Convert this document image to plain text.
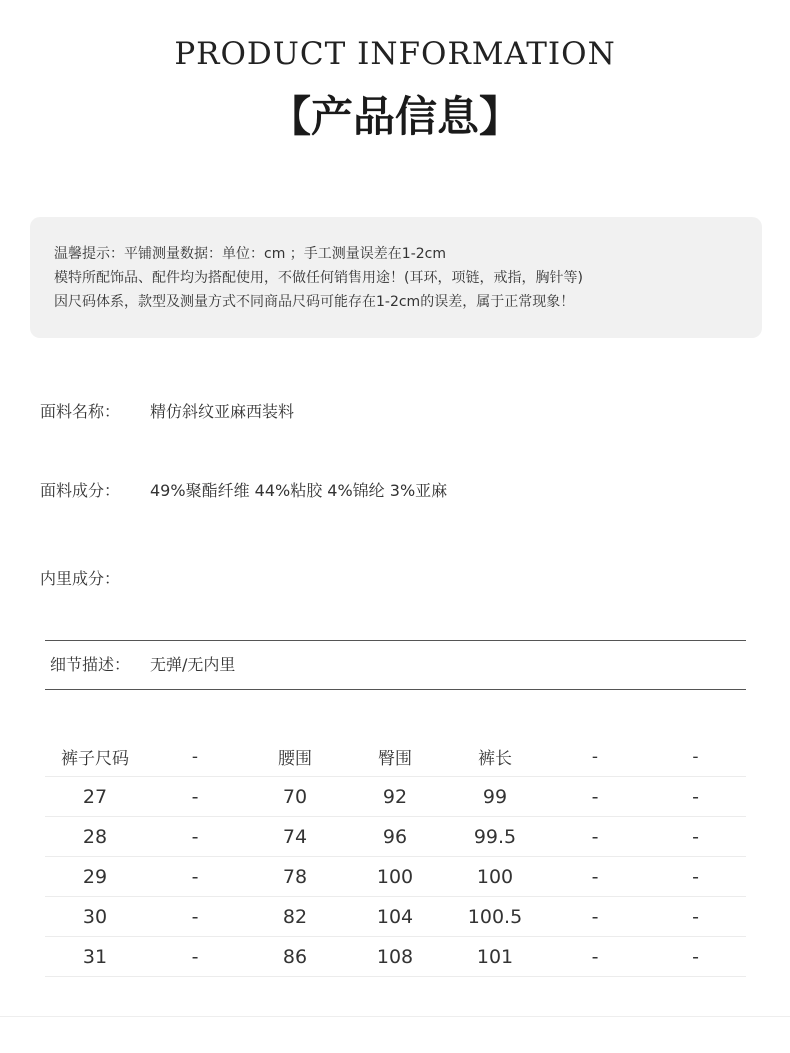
PRODUCT INFORMATION
【产品信息】
温馨提示：平铺测量数据：单位：cm ；手工测量误差在1-2cm
模特所配饰品、配件均为搭配使用，不做任何销售用途！(耳环，项链，戒指，胸针等)
因尺码体系，款型及测量方式不同商品尺码可能存在1-2cm的误差，属于正常现象！
面料名称： 精仿斜纹亚麻西装料
面料成分： 49%聚酯纤维 44%粘胶 4%锦纶 3%亚麻
内里成分：
细节描述： 无弹/无内里
裤子尺码	-	腰围	臀围	裤长	-	-
27	-	70	92	99	-	-
28	-	74	96	99.5	-	-
29	-	78	100	100	-	-
30	-	82	104	100.5	-	-
31	-	86	108	101	-	-
